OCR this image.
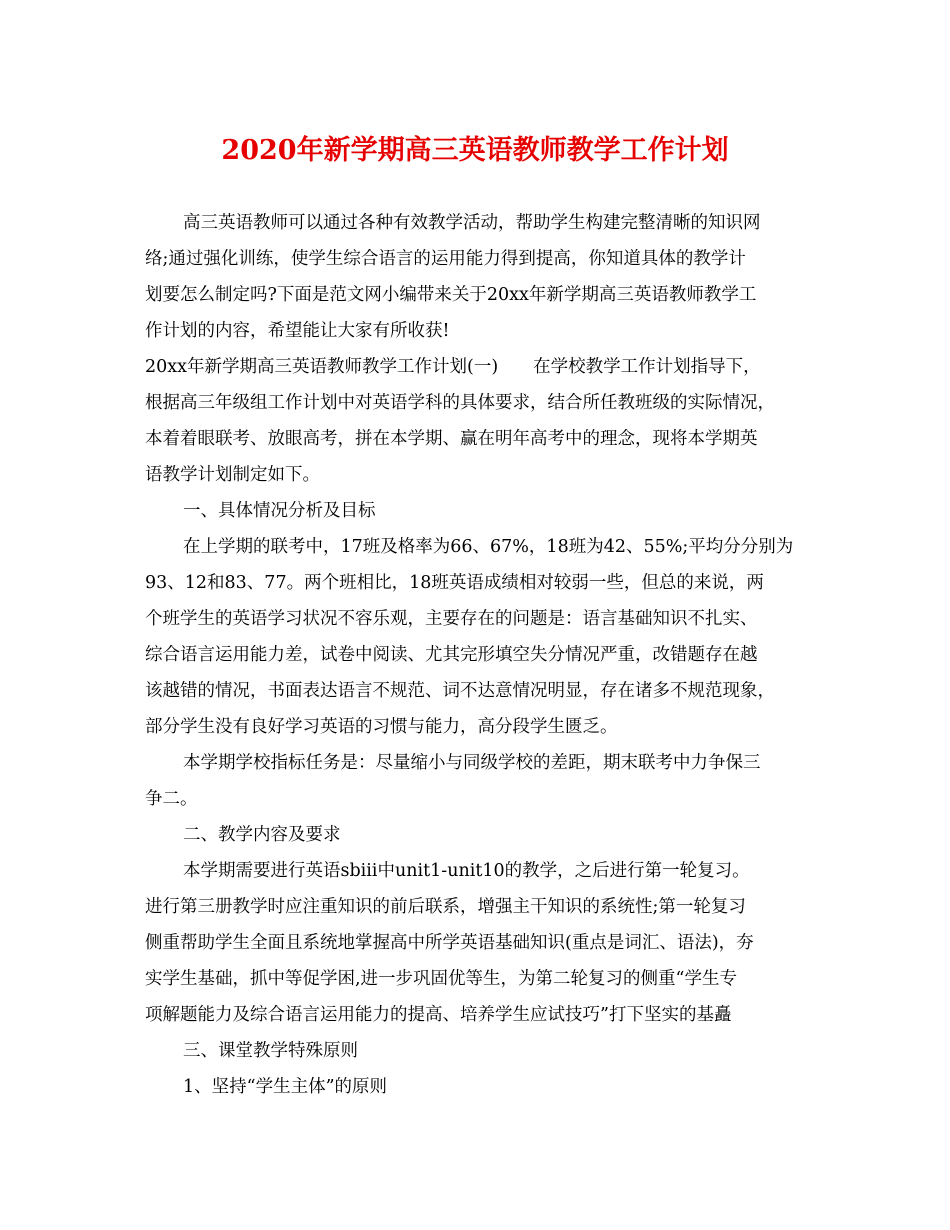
2020年新学期高三英语教师教学工作计划
高三英语教师可以通过各种有效教学活动，帮助学生构建完整清晰的知识网
络;通过强化训练，使学生综合语言的运用能力得到提高，你知道具体的教学计
划要怎么制定吗?下面是范文网小编带来关于20xx年新学期高三英语教师教学工
作计划的内容，希望能让大家有所收获!
20xx年新学期高三英语教师教学工作计划(一)　　在学校教学工作计划指导下，
根据高三年级组工作计划中对英语学科的具体要求，结合所任教班级的实际情况，
本着着眼联考、放眼高考，拼在本学期、赢在明年高考中的理念，现将本学期英
语教学计划制定如下。
一、具体情况分析及目标
在上学期的联考中，17班及格率为66、67%，18班为42、55%;平均分分别为
93、12和83、77。两个班相比，18班英语成绩相对较弱一些，但总的来说，两
个班学生的英语学习状况不容乐观，主要存在的问题是：语言基础知识不扎实、
综合语言运用能力差，试卷中阅读、尤其完形填空失分情况严重，改错题存在越
该越错的情况，书面表达语言不规范、词不达意情况明显，存在诸多不规范现象，
部分学生没有良好学习英语的习惯与能力，高分段学生匮乏。
本学期学校指标任务是：尽量缩小与同级学校的差距，期末联考中力争保三
争二。
二、教学内容及要求
本学期需要进行英语sbⅲ中unit1-unit10的教学，之后进行第一轮复习。
进行第三册教学时应注重知识的前后联系，增强主干知识的系统性;第一轮复习
侧重帮助学生全面且系统地掌握高中所学英语基础知识(重点是词汇、语法)，夯
实学生基础，抓中等促学困,进一步巩固优等生，为第二轮复习的侧重“学生专
项解题能力及综合语言运用能力的提高、培养学生应试技巧”打下坚实的基矗
三、课堂教学特殊原则
1、坚持“学生主体”的原则
